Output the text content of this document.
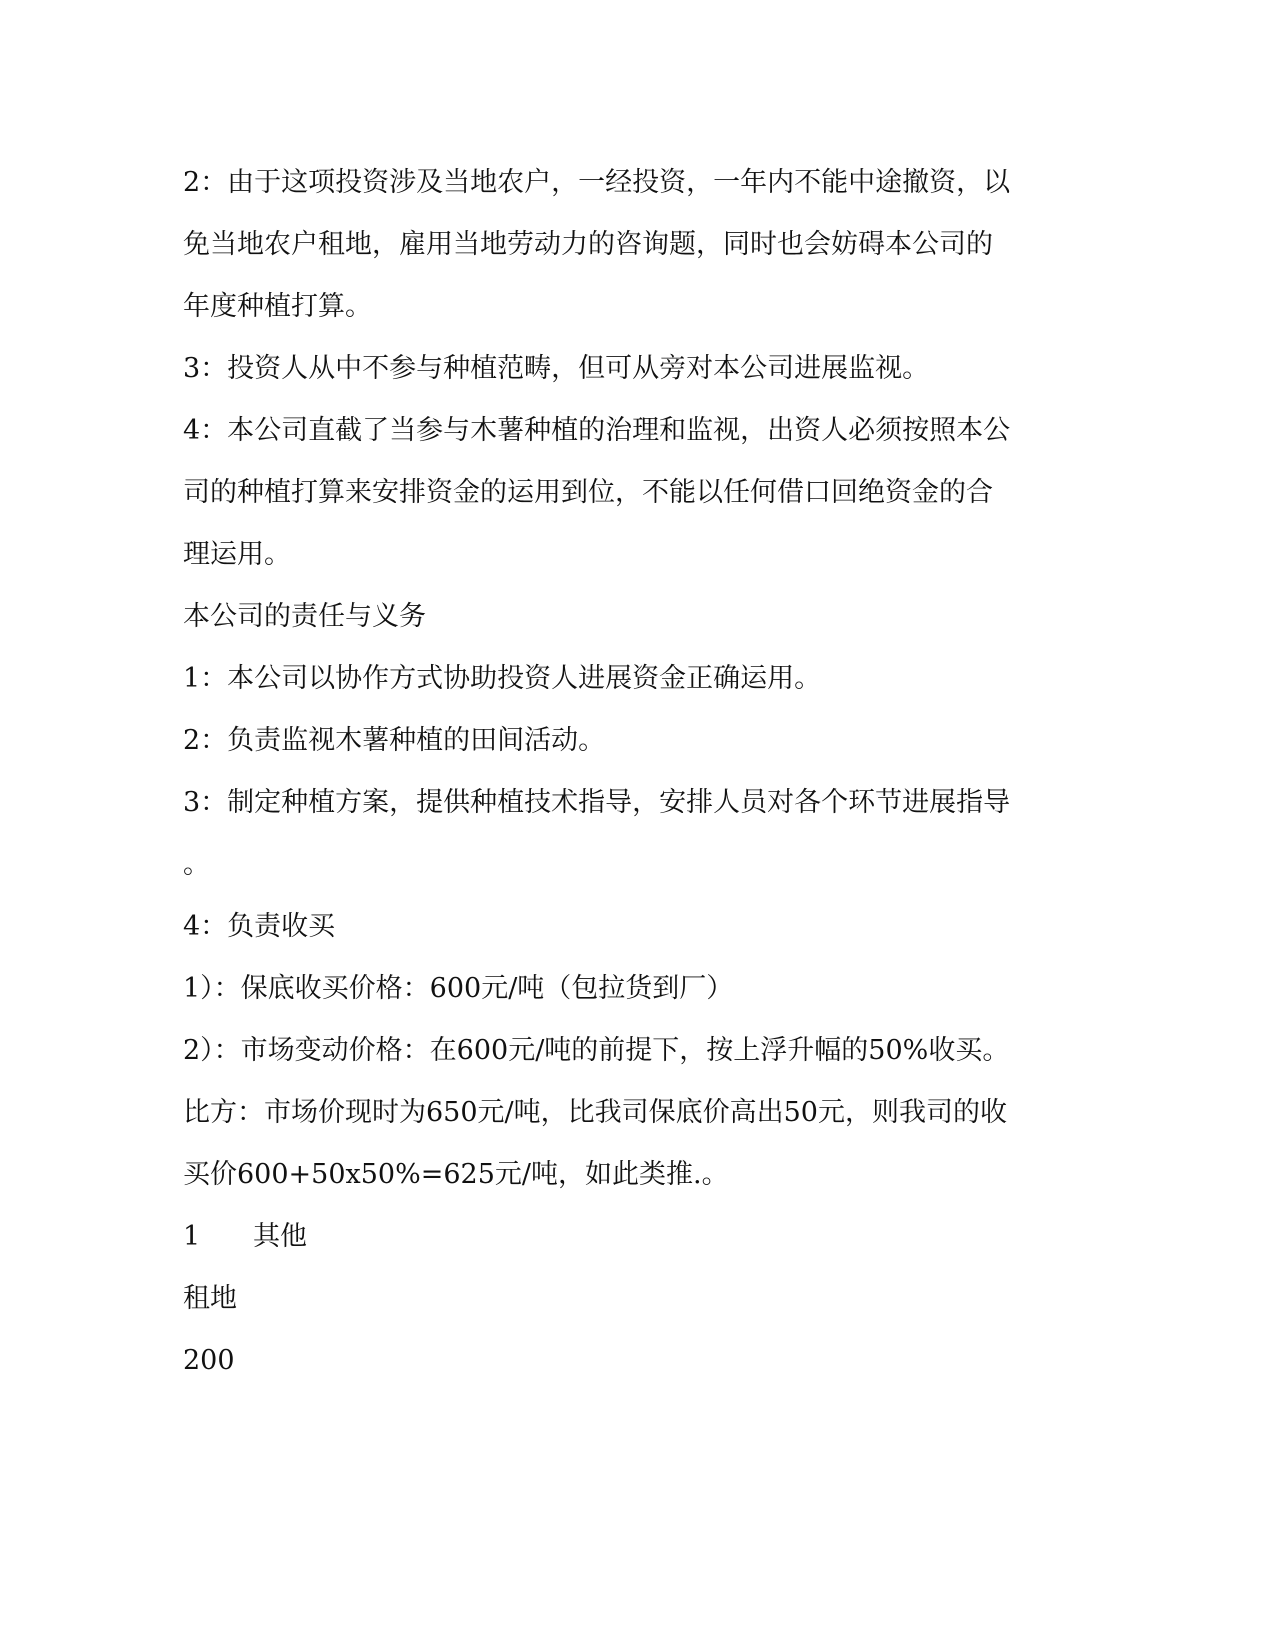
2：由于这项投资涉及当地农户，一经投资，一年内不能中途撤资，以
免当地农户租地，雇用当地劳动力的咨询题，同时也会妨碍本公司的
年度种植打算。
3：投资人从中不参与种植范畴，但可从旁对本公司进展监视。
4：本公司直截了当参与木薯种植的治理和监视，出资人必须按照本公
司的种植打算来安排资金的运用到位，不能以任何借口回绝资金的合
理运用。
本公司的责任与义务
1：本公司以协作方式协助投资人进展资金正确运用。
2：负责监视木薯种植的田间活动。
3：制定种植方案，提供种植技术指导，安排人员对各个环节进展指导
。
4：负责收买
1）：保底收买价格：600元/吨（包拉货到厂）
2）：市场变动价格：在600元/吨的前提下，按上浮升幅的50%收买。
比方：市场价现时为650元/吨，比我司保底价高出50元，则我司的收
买价600+50x50%=625元/吨，如此类推.。
1 其他
租地
200
